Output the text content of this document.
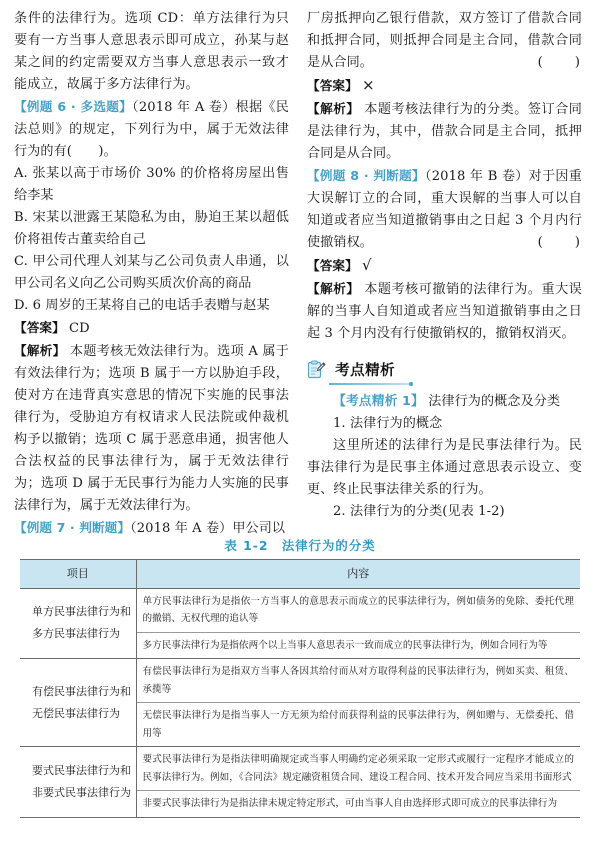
条件的法律行为。选项 CD：单方法律行为只要有一方当事人意思表示即可成立，孙某与赵某之间的约定需要双方当事人意思表示一致才能成立，故属于多方法律行为。

【例题 6 · 多选题】（2018 年 A 卷）根据《民法总则》的规定，下列行为中，属于无效法律行为的有(　　)。

A. 张某以高于市场价 30% 的价格将房屋出售给李某

B. 宋某以泄露王某隐私为由，胁迫王某以超低价将祖传古董卖给自己

C. 甲公司代理人刘某与乙公司负责人串通，以甲公司名义向乙公司购买质次价高的商品

D. 6 周岁的王某将自己的电话手表赠与赵某

【答案】 CD

【解析】 本题考核无效法律行为。选项 A 属于有效法律行为；选项 B 属于一方以胁迫手段，使对方在违背真实意思的情况下实施的民事法律行为，受胁迫方有权请求人民法院或仲裁机构予以撤销；选项 C 属于恶意串通，损害他人合法权益的民事法律行为，属于无效法律行为；选项 D 属于无民事行为能力人实施的民事法律行为，属于无效法律行为。

【例题 7 · 判断题】（2018 年 A 卷）甲公司以

厂房抵押向乙银行借款，双方签订了借款合同和抵押合同，则抵押合同是主合同，借款合同是从合同。	(　　)

【答案】 ×

【解析】 本题考核法律行为的分类。签订合同是法律行为，其中，借款合同是主合同，抵押合同是从合同。

【例题 8 · 判断题】（2018 年 B 卷）对于因重大误解订立的合同，重大误解的当事人可以自知道或者应当知道撤销事由之日起 3 个月内行使撤销权。	(　　)

【答案】 √

【解析】 本题考核可撤销的法律行为。重大误解的当事人自知道或者应当知道撤销事由之日起 3 个月内没有行使撤销权的，撤销权消灭。

考点精析

【考点精析 1】 法律行为的概念及分类

1. 法律行为的概念

这里所述的法律行为是民事法律行为。民事法律行为是民事主体通过意思表示设立、变更、终止民事法律关系的行为。

2. 法律行为的分类(见表 1-2)

表 1-2　法律行为的分类
项目	内容
单方民事法律行为和多方民事法律行为	单方民事法律行为是指依一方当事人的意思表示而成立的民事法律行为，例如债务的免除、委托代理的撤销、无权代理的追认等
	多方民事法律行为是指依两个以上当事人意思表示一致而成立的民事法律行为，例如合同行为等
有偿民事法律行为和无偿民事法律行为	有偿民事法律行为是指双方当事人各因其给付而从对方取得利益的民事法律行为，例如买卖、租赁、承揽等
	无偿民事法律行为是指当事人一方无须为给付而获得利益的民事法律行为，例如赠与、无偿委托、借用等
要式民事法律行为和非要式民事法律行为	要式民事法律行为是指法律明确规定或当事人明确约定必须采取一定形式或履行一定程序才能成立的民事法律行为。例如，《合同法》规定融资租赁合同、建设工程合同、技术开发合同应当采用书面形式
	非要式民事法律行为是指法律未规定特定形式，可由当事人自由选择形式即可成立的民事法律行为
